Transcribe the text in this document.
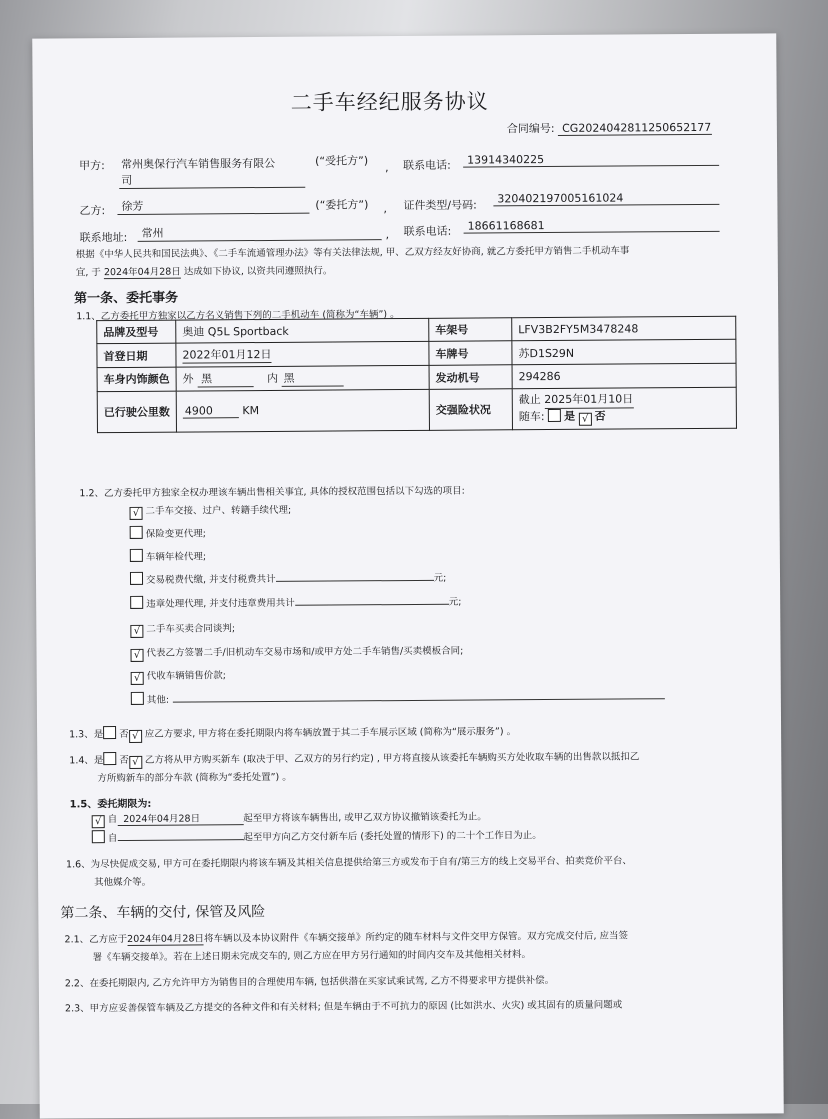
二手车经纪服务协议
合同编号: CG2024042811250652177
甲方: 常州奥保行汽车销售服务有限公
司
(“受托方”) , 联系电话:	13914340225
乙方:	徐芳	(“委托方”) , 证件类型/号码:	320402197005161024
联系地址:	常州	, 联系电话:	18661168681
根据《中华人民共和国民法典》、《二手车流通管理办法》等有关法律法规, 甲、乙双方经友好协商, 就乙方委托甲方销售二手机动车事
宜, 于 2024年04月28日 达成如下协议, 以资共同遵照执行。
第一条、委托事务
1.1、乙方委托甲方独家以乙方名义销售下列的二手机动车 (简称为“车辆”) 。
品牌及型号	奥迪 Q5L Sportback	车架号	LFV3B2FY5M3478248
首登日期	2022年01月12日	车牌号	苏D1S29N
车身内饰颜色	外 黑 内 黑	发动机号	294286
已行驶公里数	4900 KM	交强险状况	截止 2025年01月10日
随车: 是 √ 否
1.2、乙方委托甲方独家全权办理该车辆出售相关事宜, 具体的授权范围包括以下勾选的项目:
√ 二手车交接、过户、转籍手续代理;
保险变更代理;
车辆年检代理;
交易税费代缴, 并支付税费共计	元;
违章处理代理, 并支付违章费用共计	元;
√ 二手车买卖合同谈判;
√ 代表乙方签署二手/旧机动车交易市场和/或甲方处二手车销售/买卖模板合同;
√ 代收车辆销售价款;
其他:
1.3、是 否 √ 应乙方要求, 甲方将在委托期限内将车辆放置于其二手车展示区域 (简称为“展示服务”) 。
1.4、是 否 √ 乙方将从甲方购买新车 (取决于甲、乙双方的另行约定) , 甲方将直接从该委托车辆购买方处收取车辆的出售款以抵扣乙
方所购新车的部分车款 (简称为“委托处置”) 。
1.5、委托期限为:
√ 自 2024年04月28日	起至甲方将该车辆售出, 或甲乙双方协议撤销该委托为止。
自	起至甲方向乙方交付新车后 (委托处置的情形下) 的二十个工作日为止。
1.6、为尽快促成交易, 甲方可在委托期限内将该车辆及其相关信息提供给第三方或发布于自有/第三方的线上交易平台、拍卖竞价平台、
其他媒介等。
第二条、车辆的交付, 保管及风险
2.1、乙方应于2024年04月28日将车辆以及本协议附件《车辆交接单》所约定的随车材料与文件交甲方保管。双方完成交付后, 应当签
署《车辆交接单》。若在上述日期未完成交车的, 则乙方应在甲方另行通知的时间内交车及其他相关材料。
2.2、在委托期限内, 乙方允许甲方为销售目的合理使用车辆, 包括供潜在买家试乘试驾, 乙方不得要求甲方提供补偿。
2.3、甲方应妥善保管车辆及乙方提交的各种文件和有关材料; 但是车辆由于不可抗力的原因 (比如洪水、火灾) 或其固有的质量问题或
